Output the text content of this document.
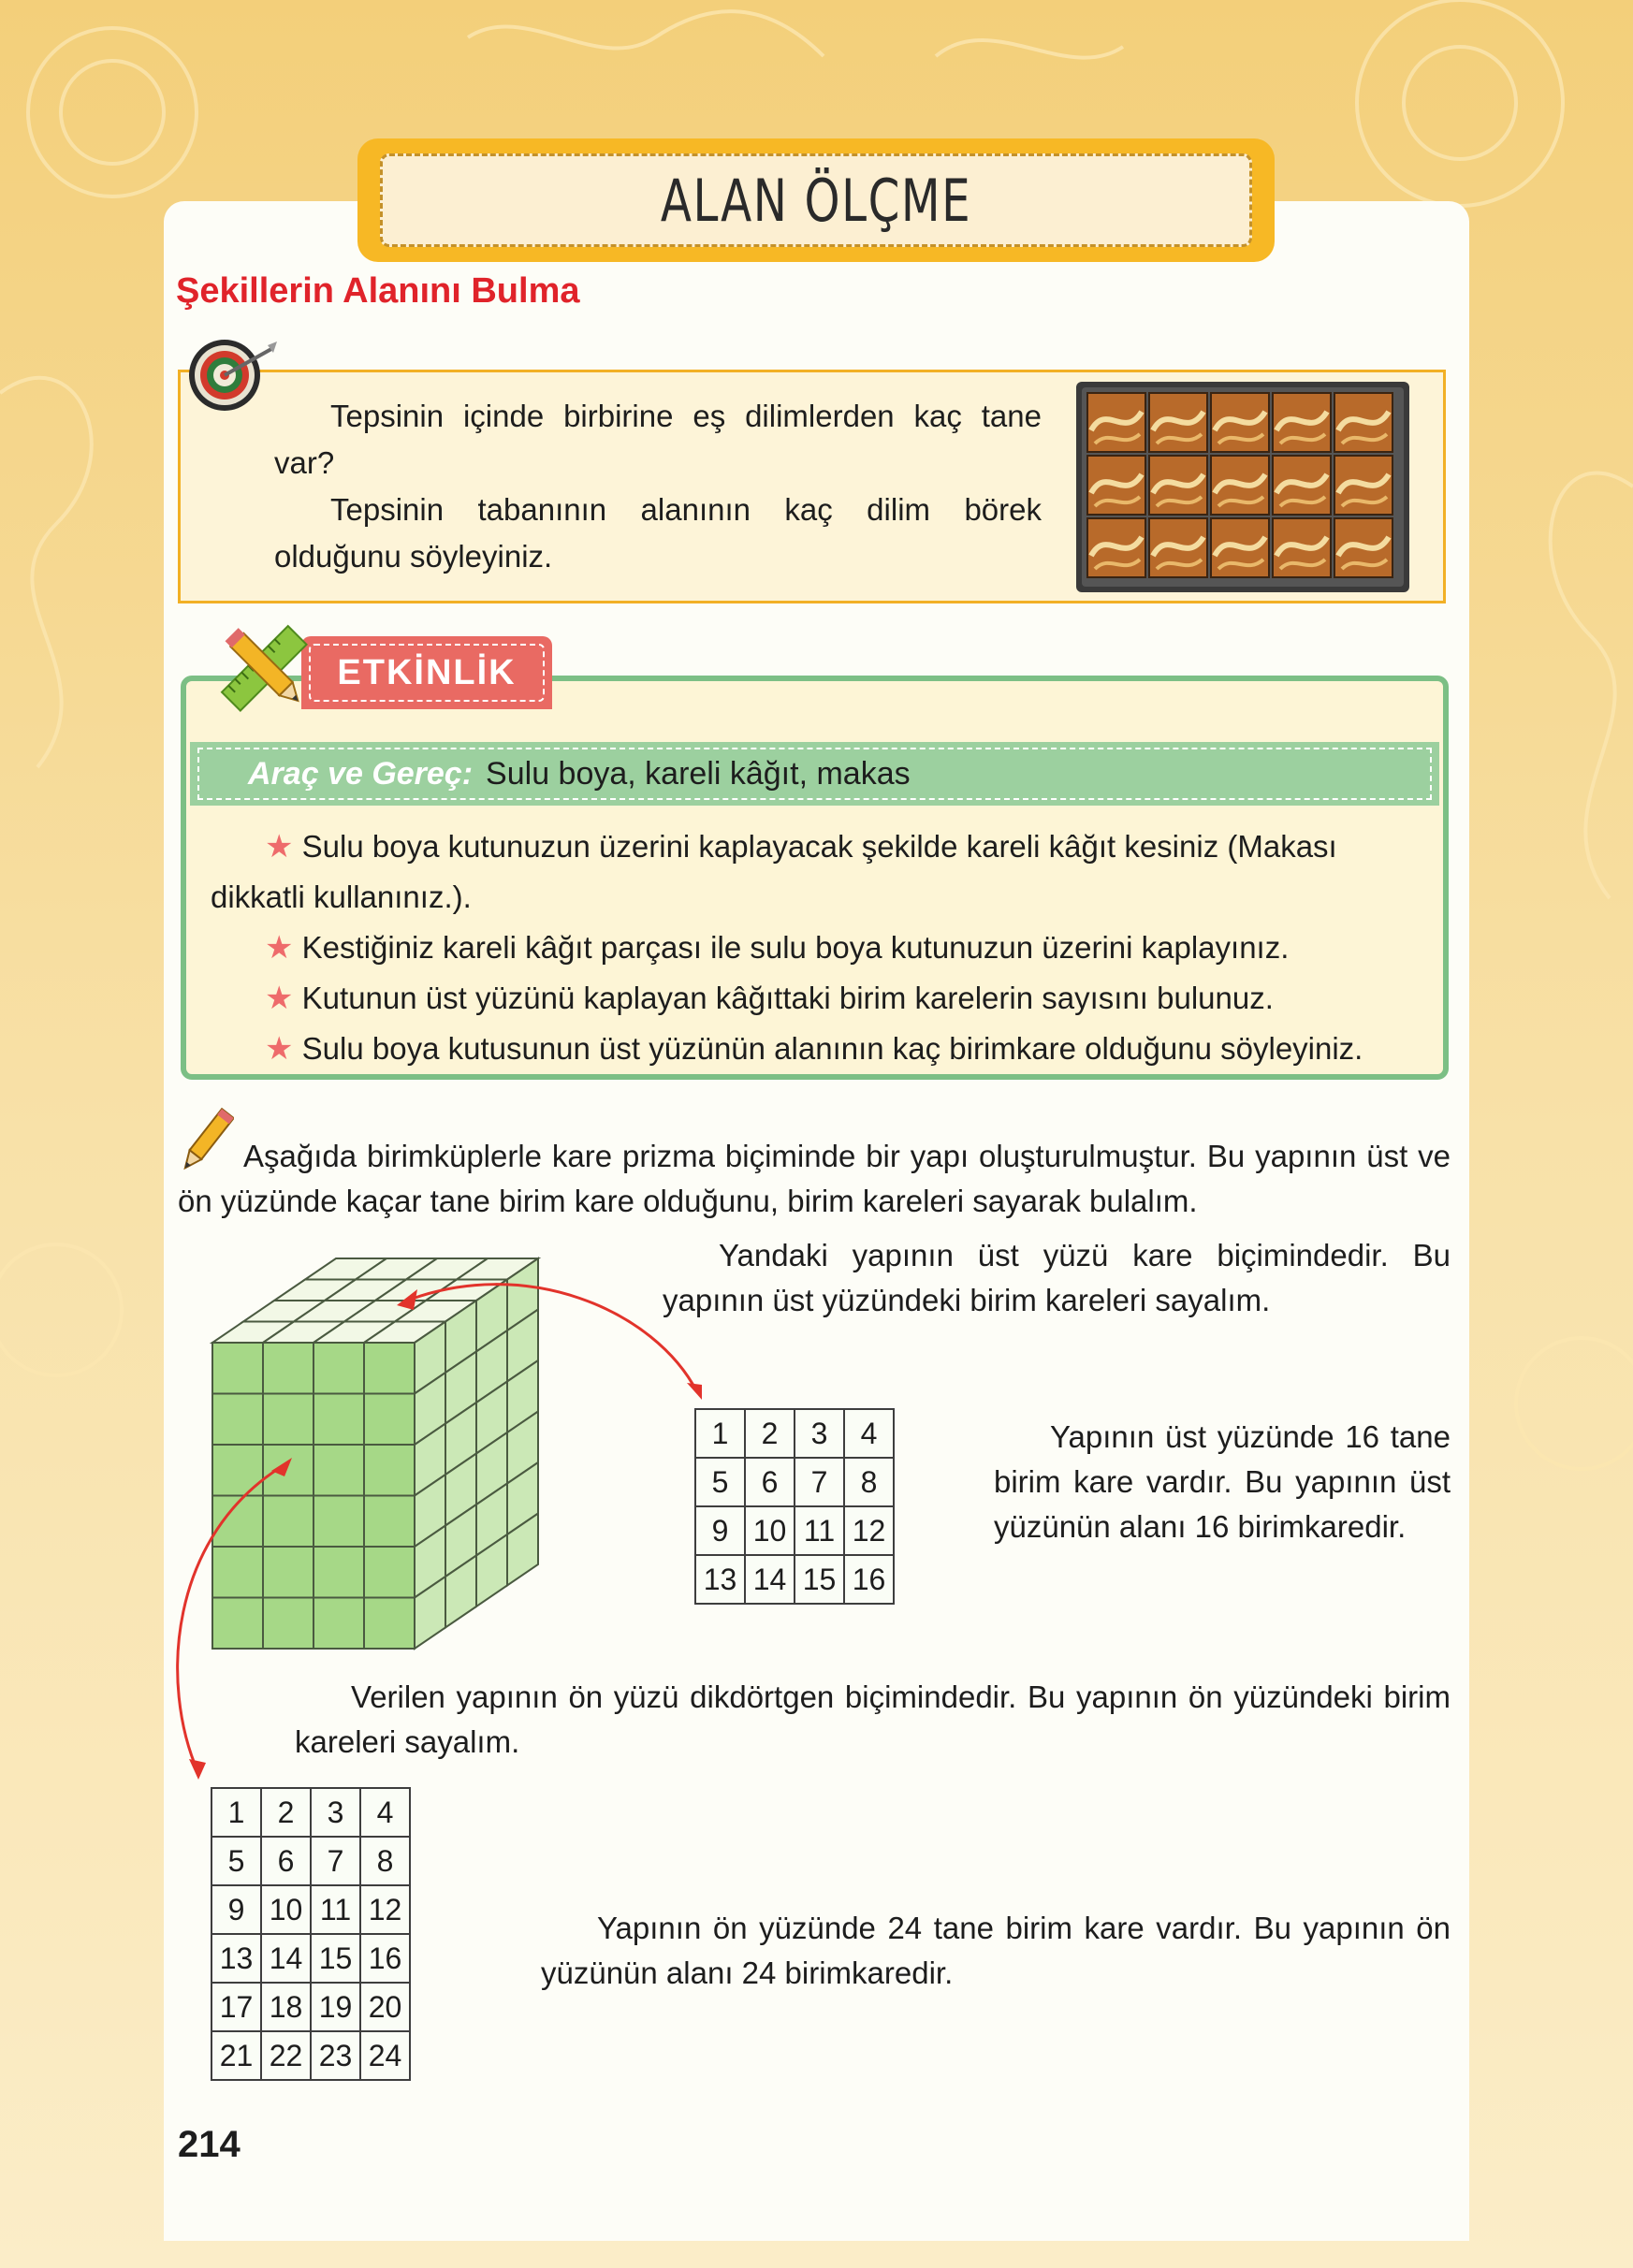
ALAN ÖLÇME
Şekillerin Alanını Bulma

Tepsinin içinde birbirine eş dilimlerden kaç tane var?

Tepsinin tabanının alanının kaç dilim börek olduğunu söyleyiniz.

ETKİNLİK
Araç ve Gereç: Sulu boya, kareli kâğıt, makas

★ Sulu boya kutunuzun üzerini kaplayacak şekilde kareli kâğıt kesiniz (Makası dikkatli kullanınız.).

★ Kestiğiniz kareli kâğıt parçası ile sulu boya kutunuzun üzerini kaplayınız.

★ Kutunun üst yüzünü kaplayan kâğıttaki birim karelerin sayısını bulunuz.

★ Sulu boya kutusunun üst yüzünün alanının kaç birimkare olduğunu söyleyiniz.

Aşağıda birimküplerle kare prizma biçiminde bir yapı oluşturulmuştur. Bu yapının üst ve ön yüzünde kaçar tane birim kare olduğunu, birim kareleri sayarak bulalım.

Yandaki yapının üst yüzü kare biçimindedir. Bu yapının üst yüzündeki birim kareleri sayalım.

1	2	3	4
5	6	7	8
9	10	11	12
13	14	15	16

Yapının üst yüzünde 16 tane birim kare vardır. Bu yapının üst yüzünün alanı 16 birimkaredir.

Verilen yapının ön yüzü dikdörtgen biçimindedir. Bu yapının ön yüzündeki birim kareleri sayalım.

1	2	3	4
5	6	7	8
9	10	11	12
13	14	15	16
17	18	19	20
21	22	23	24

Yapının ön yüzünde 24 tane birim kare vardır. Bu yapının ön yüzünün alanı 24 birimkaredir.

214
